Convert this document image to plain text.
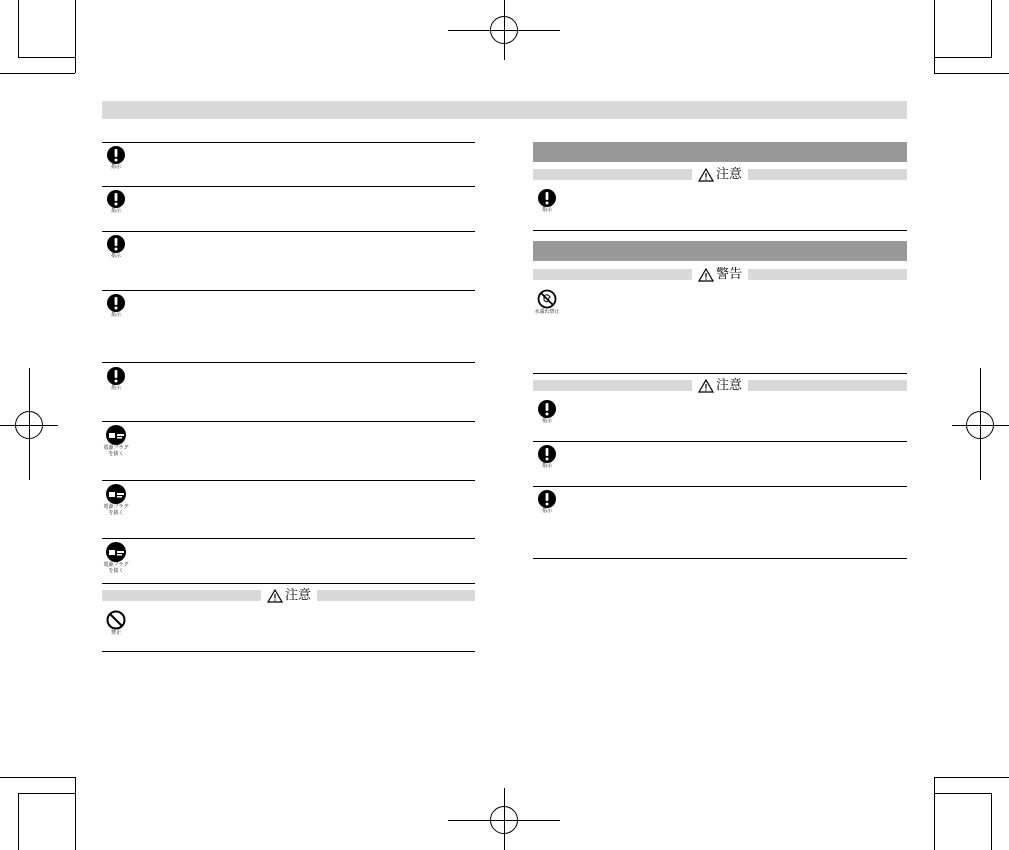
指示
指示
指示
指示
指示
電源プラグ
を抜く
電源プラグ
を抜く
電源プラグ
を抜く
注意
禁止
注意
指示
警告
水濡れ禁止
注意
指示
指示
指示
